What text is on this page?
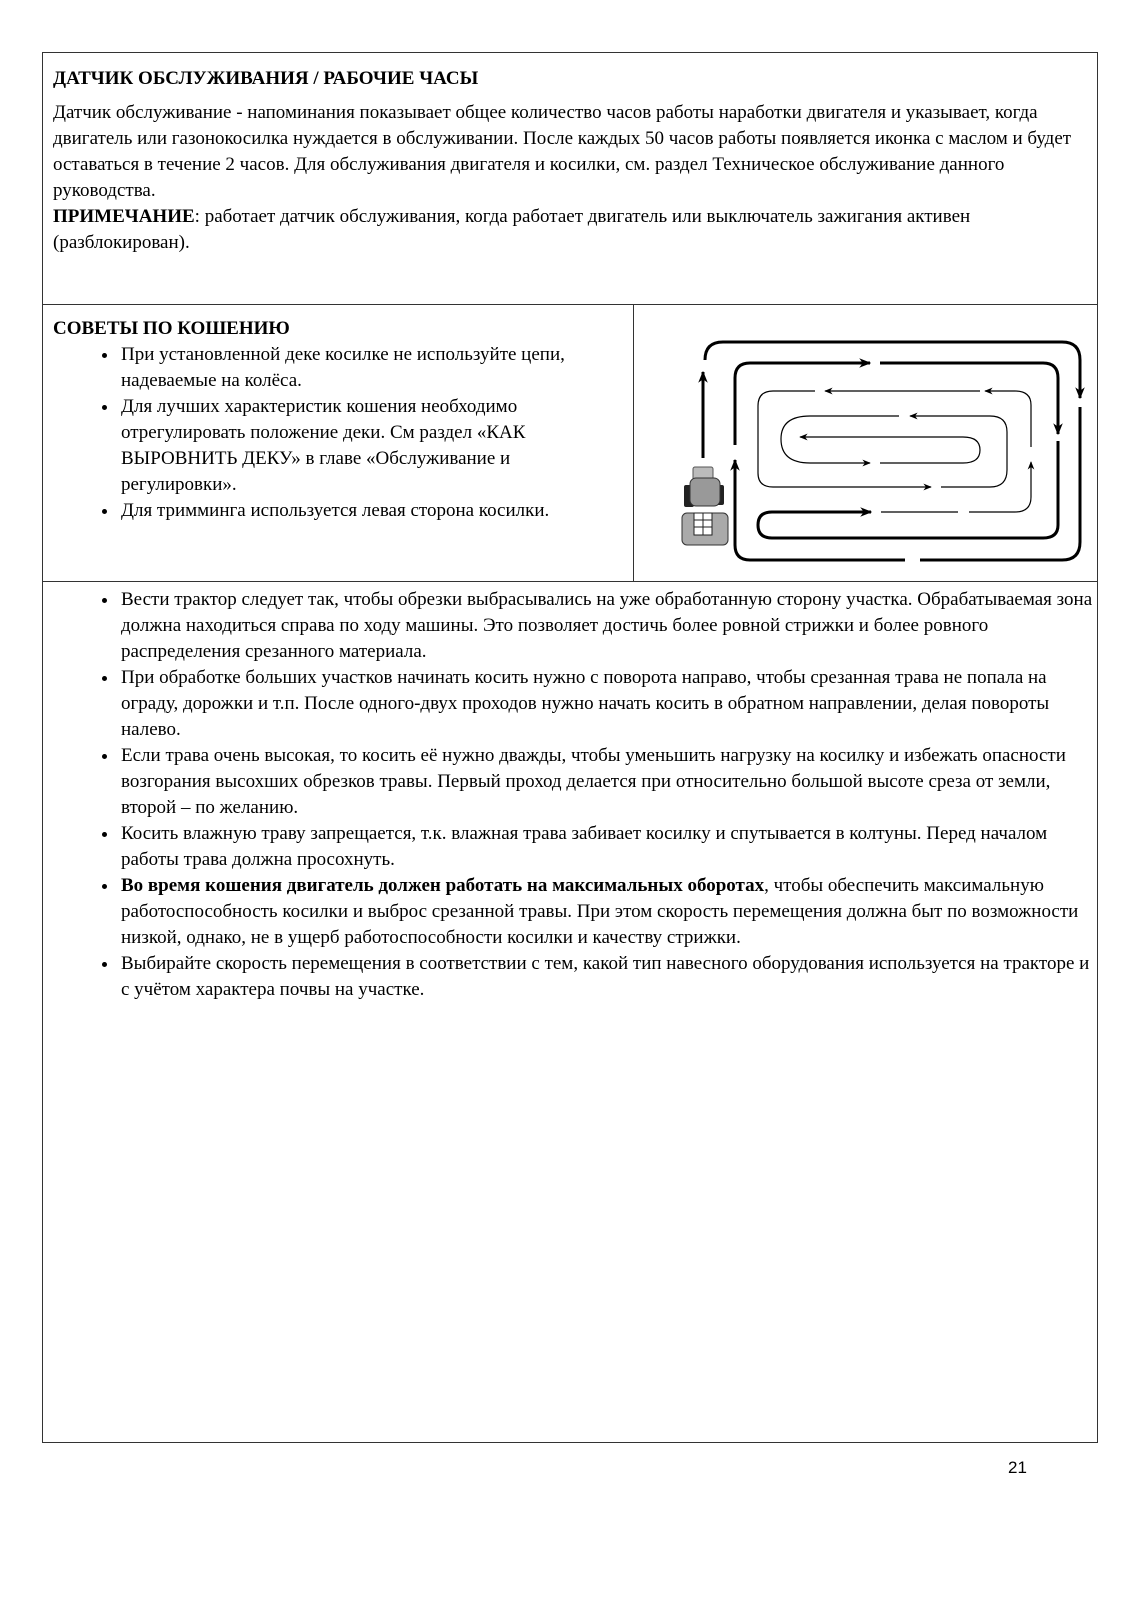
ДАТЧИК ОБСЛУЖИВАНИЯ / РАБОЧИЕ ЧАСЫ

Датчик обслуживание - напоминания показывает общее количество часов работы наработки двигателя и указывает, когда двигатель или газонокосилка нуждается в обслуживании. После каждых 50 часов работы появляется иконка с маслом и будет оставаться в течение 2 часов. Для обслуживания двигателя и косилки, см. раздел Техническое обслуживание данного руководства.

ПРИМЕЧАНИЕ: работает датчик обслуживания, когда работает двигатель или выключатель зажигания активен (разблокирован).

СОВЕТЫ ПО КОШЕНИЮ
• При установленной деке косилке не используйте цепи, надеваемые на колёса.
• Для лучших характеристик кошения необходимо отрегулировать положение деки. См раздел «КАК ВЫРОВНИТЬ ДЕКУ» в главе «Обслуживание и регулировки».
• Для тримминга используется левая сторона косилки.
• Вести трактор следует так, чтобы обрезки выбрасывались на уже обработанную сторону участка. Обрабатываемая зона должна находиться справа по ходу машины. Это позволяет достичь более ровной стрижки и более ровного распределения срезанного материала.
• При обработке больших участков начинать косить нужно с поворота направо, чтобы срезанная трава не попала на ограду, дорожки и т.п. После одного-двух проходов нужно начать косить в обратном направлении, делая повороты налево.
• Если трава очень высокая, то косить её нужно дважды, чтобы уменьшить нагрузку на косилку и избежать опасности возгорания высохших обрезков травы. Первый проход делается при относительно большой высоте среза от земли, второй – по желанию.
• Косить влажную траву запрещается, т.к. влажная трава забивает косилку и спутывается в колтуны. Перед началом работы трава должна просохнуть.
• Во время кошения двигатель должен работать на максимальных оборотах, чтобы обеспечить максимальную работоспособность косилки и выброс срезанной травы. При этом скорость перемещения должна быт по возможности низкой, однако, не в ущерб работоспособности косилки и качеству стрижки.
• Выбирайте скорость перемещения в соответствии с тем, какой тип навесного оборудования используется на тракторе и с учётом характера почвы на участке.
21
